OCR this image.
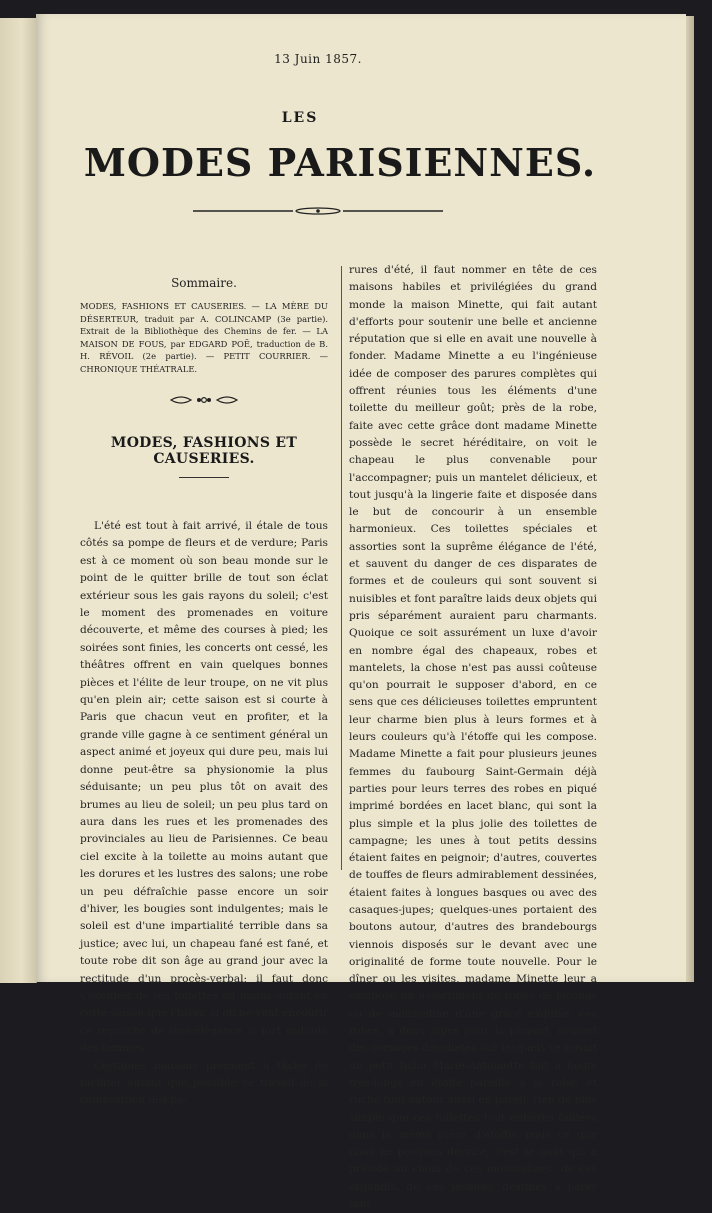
13 Juin 1857.
LES
MODES PARISIENNES.
Sommaire.
MODES, FASHIONS ET CAUSERIES. — LA MÈRE DU DÉSERTEUR, traduit par A. COLINCAMP (3e partie). Extrait de la Bibliothèque des Chemins de fer. — LA MAISON DE FOUS, par EDGARD POË, traduction de B. H. RÉVOIL (2e partie). — PETIT COURRIER. — CHRONIQUE THÉATRALE.
MODES, FASHIONS ET CAUSERIES.

L'été est tout à fait arrivé, il étale de tous côtés sa pompe de fleurs et de verdure; Paris est à ce moment où son beau monde sur le point de le quitter brille de tout son éclat extérieur sous les gais rayons du soleil; c'est le moment des promenades en voiture découverte, et même des courses à pied; les soirées sont finies, les concerts ont cessé, les théâtres offrent en vain quelques bonnes pièces et l'élite de leur troupe, on ne vit plus qu'en plein air; cette saison est si courte à Paris que chacun veut en profiter, et la grande ville gagne à ce sentiment général un aspect animé et joyeux qui dure peu, mais lui donne peut-être sa physionomie la plus séduisante; un peu plus tôt on avait des brumes au lieu de soleil; un peu plus tard on aura dans les rues et les promenades des provinciales au lieu de Parisiennes. Ce beau ciel excite à la toilette au moins autant que les dorures et les lustres des salons; une robe un peu défraîchie passe encore un soir d'hiver, les bougies sont indulgentes; mais le soleil est d'une impartialité terrible dans sa justice; avec lui, un chapeau fané est fané, et toute robe dit son âge au grand jour avec la rectitude d'un procès-verbal; il faut donc s'occuper de ses toilettes au moins autant en cette saison que l'hiver, si on ne veut encourir ce reproche de lèse-élégance si fort redouté des femmes.

Certaines maisons prennent à tâche de faciliter autant que possible ce travail de la composition des pa-

rures d'été, il faut nommer en tête de ces maisons habiles et privilégiées du grand monde la maison Minette, qui fait autant d'efforts pour soutenir une belle et ancienne réputation que si elle en avait une nouvelle à fonder. Madame Minette a eu l'ingénieuse idée de composer des parures complètes qui offrent réunies tous les éléments d'une toilette du meilleur goût; près de la robe, faite avec cette grâce dont madame Minette possède le secret héréditaire, on voit le chapeau le plus convenable pour l'accompagner; puis un mantelet délicieux, et tout jusqu'à la lingerie faite et disposée dans le but de concourir à un ensemble harmonieux. Ces toilettes spéciales et assorties sont la suprême élégance de l'été, et sauvent du danger de ces disparates de formes et de couleurs qui sont souvent si nuisibles et font paraître laids deux objets qui pris séparément auraient paru charmants. Quoique ce soit assurément un luxe d'avoir en nombre égal des chapeaux, robes et mantelets, la chose n'est pas aussi coûteuse qu'on pourrait le supposer d'abord, en ce sens que ces délicieuses toilettes empruntent leur charme bien plus à leurs formes et à leurs couleurs qu'à l'étoffe qui les compose. Madame Minette a fait pour plusieurs jeunes femmes du faubourg Saint-Germain déjà parties pour leurs terres des robes en piqué imprimé bordées en lacet blanc, qui sont la plus simple et la plus jolie des toilettes de campagne; les unes à tout petits dessins étaient faites en peignoir; d'autres, couvertes de touffes de fleurs admirablement dessinées, étaient faites à longues basques ou avec des casaques-jupes; quelques-unes portaient des boutons autour, d'autres des brandebourgs viennois disposés sur le devant avec une originalité de forme toute nouvelle. Pour le dîner ou les visites, madame Minette leur a composé un assortiment de robes de jaconas ou de mousseline d'une grâce exquise; ces robes, à deux jupes pour la plupart, avaient des corsages décolletés sur lesquels se posait un petit fichu Marie-Antoinette fait à bouts très-longs en étoffe pareille à la robe, et ruché tout autour aussi en pareil; rien de plus simple que ces toilettes tout entières taillées dans la même pièce d'étoffe; mais ce que nous ne pouvons décrire, c'est le goût qui a présidé au choix de ces mousselines, de ces organdis, de ces jaconas, destinés à parer tant
